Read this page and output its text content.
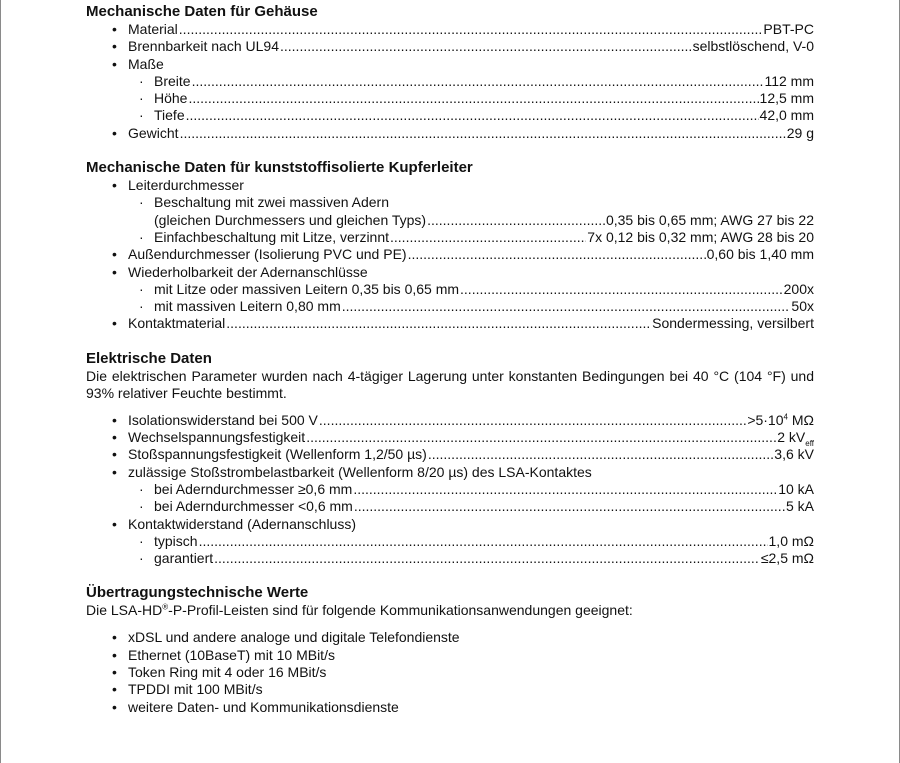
Mechanische Daten für Gehäuse
• Material .....	PBT-PC
• Brennbarkeit nach UL94 .....	selbstlöschend, V-0
• Maße
· Breite .....	112 mm
· Höhe .....	12,5 mm
· Tiefe .....	42,0 mm
• Gewicht .....	29 g
Mechanische Daten für kunststoffisolierte Kupferleiter
• Leiterdurchmesser
· Beschaltung mit zwei massiven Adern
(gleichen Durchmessers und gleichen Typs) .....	0,35 bis 0,65 mm; AWG 27 bis 22
· Einfachbeschaltung mit Litze, verzinnt .....	7x 0,12 bis 0,32 mm; AWG 28 bis 20
• Außendurchmesser (Isolierung PVC und PE) .....	0,60 bis 1,40 mm
• Wiederholbarkeit der Adernanschlüsse
· mit Litze oder massiven Leitern 0,35 bis 0,65 mm .....	200x
· mit massiven Leitern 0,80 mm .....	50x
• Kontaktmaterial .....	Sondermessing, versilbert
Elektrische Daten

Die elektrischen Parameter wurden nach 4-tägiger Lagerung unter konstanten Bedingungen bei 40 °C (104 °F) und 93% relativer Feuchte bestimmt.

• Isolationswiderstand bei 500 V .....	$>5\cdot 10^4$ MΩ
• Wechselspannungsfestigkeit .....	2 $kV_{eff}$
• Stoßspannungsfestigkeit (Wellenform 1,2/50 µs) .....	3,6 kV
• zulässige Stoßstrombelastbarkeit (Wellenform 8/20 µs) des LSA-Kontaktes
· bei Aderndurchmesser ≥0,6 mm .....	10 kA
· bei Aderndurchmesser <0,6 mm .....	5 kA
• Kontaktwiderstand (Adernanschluss)
· typisch .....	1,0 mΩ
· garantiert .....	≤2,5 mΩ
Übertragungstechnische Werte

Die LSA-HD®-P-Profil-Leisten sind für folgende Kommunikationsanwendungen geeignet:

• xDSL und andere analoge und digitale Telefondienste
• Ethernet (10BaseT) mit 10 MBit/s
• Token Ring mit 4 oder 16 MBit/s
• TPDDI mit 100 MBit/s
• weitere Daten- und Kommunikationsdienste
